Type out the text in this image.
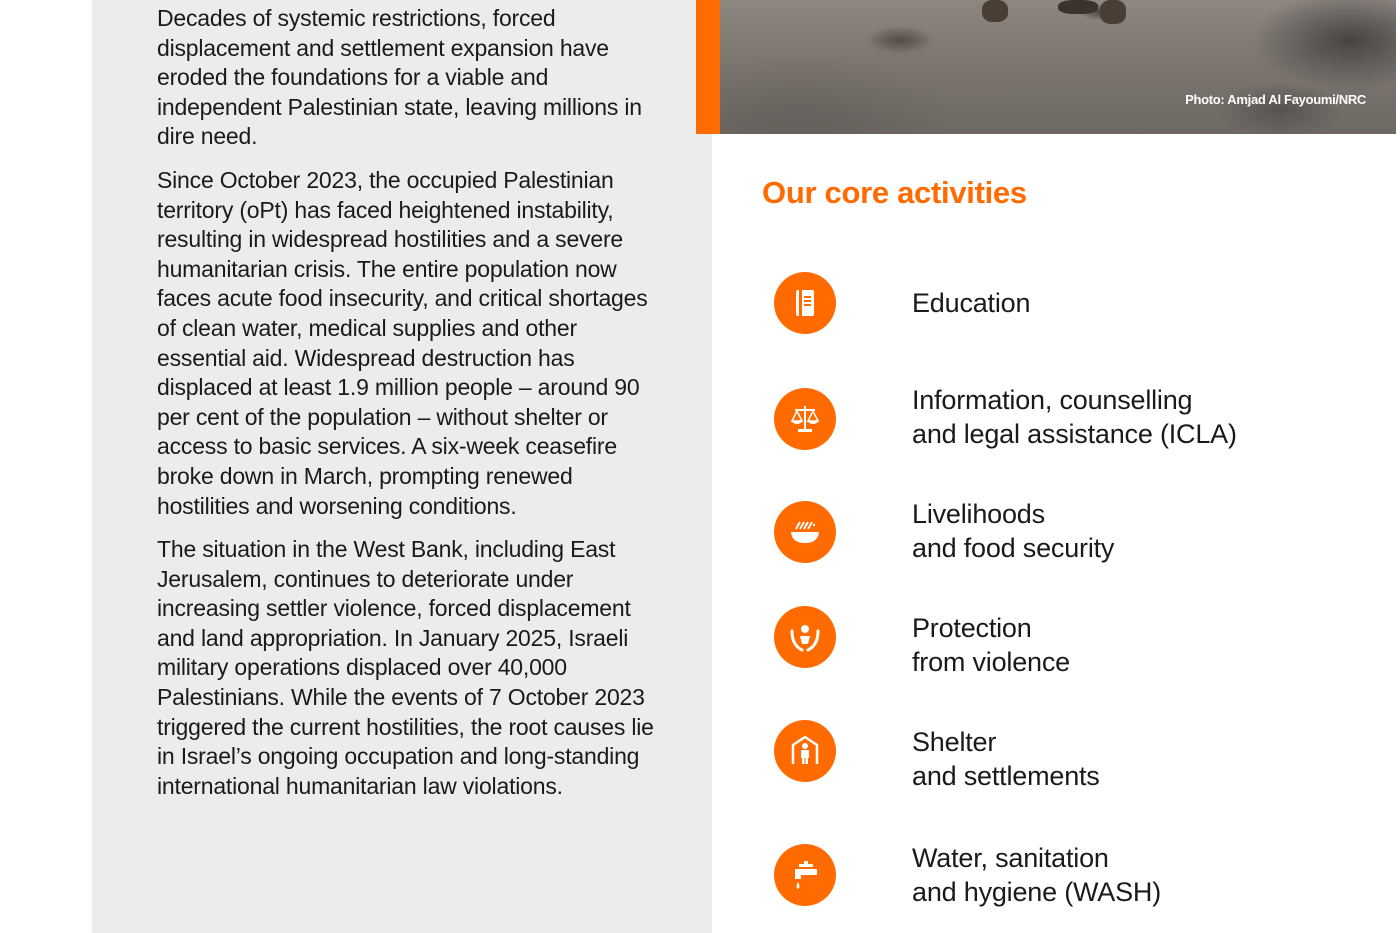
Decades of systemic restrictions, forced displacement and settlement expansion have eroded the foundations for a viable and independent Palestinian state, leaving millions in dire need.

Since October 2023, the occupied Palestinian territory (oPt) has faced heightened instability, resulting in widespread hostilities and a severe humanitarian crisis. The entire population now faces acute food insecurity, and critical shortages of clean water, medical supplies and other essential aid. Widespread destruction has displaced at least 1.9 million people – around 90 per cent of the population – without shelter or access to basic services. A six-week ceasefire broke down in March, prompting renewed hostilities and worsening conditions.

The situation in the West Bank, including East Jerusalem, continues to deteriorate under increasing settler violence, forced displacement and land appropriation. In January 2025, Israeli military operations displaced over 40,000 Palestinians. While the events of 7 October 2023 triggered the current hostilities, the root causes lie in Israel’s ongoing occupation and long-standing international humanitarian law violations.

Photo: Amjad Al Fayoumi/NRC
Our core activities
Education
Information, counselling
and legal assistance (ICLA)
Livelihoods
and food security
Protection
from violence
Shelter
and settlements
Water, sanitation
and hygiene (WASH)
